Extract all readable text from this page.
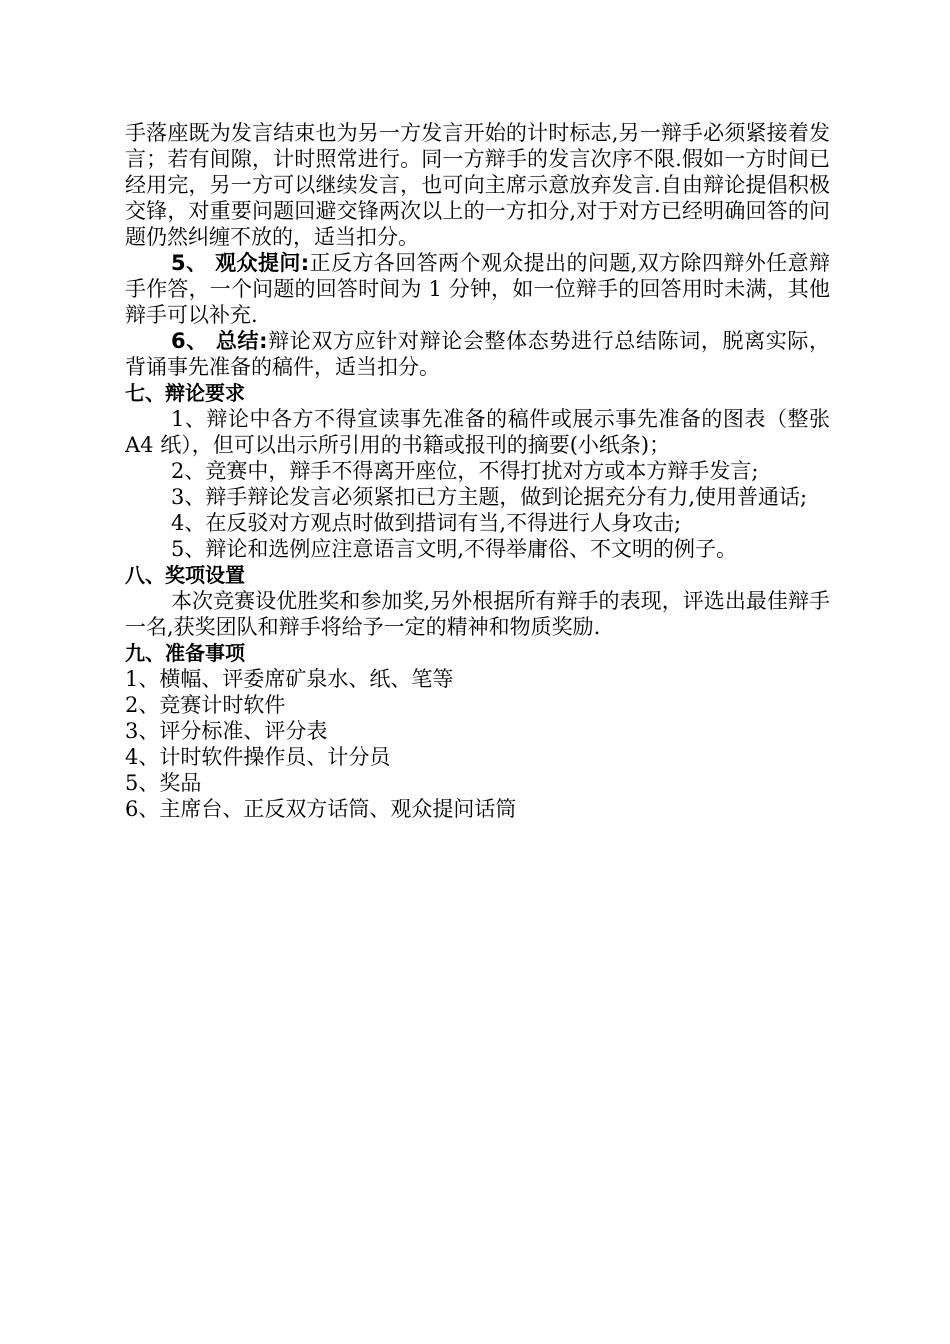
手落座既为发言结束也为另一方发言开始的计时标志,另一辩手必须紧接着发言；若有间隙，计时照常进行。同一方辩手的发言次序不限.假如一方时间已经用完，另一方可以继续发言，也可向主席示意放弃发言.自由辩论提倡积极交锋，对重要问题回避交锋两次以上的一方扣分,对于对方已经明确回答的问题仍然纠缠不放的，适当扣分。

5、 观众提问:正反方各回答两个观众提出的问题,双方除四辩外任意辩手作答，一个问题的回答时间为 1 分钟，如一位辩手的回答用时未满，其他辩手可以补充.

6、 总结:辩论双方应针对辩论会整体态势进行总结陈词，脱离实际，背诵事先准备的稿件，适当扣分。

七、辩论要求

1、辩论中各方不得宣读事先准备的稿件或展示事先准备的图表（整张 A4 纸），但可以出示所引用的书籍或报刊的摘要(小纸条)；

2、竞赛中，辩手不得离开座位，不得打扰对方或本方辩手发言;

3、辩手辩论发言必须紧扣已方主题，做到论据充分有力,使用普通话;

4、在反驳对方观点时做到措词有当,不得进行人身攻击;

5、辩论和选例应注意语言文明,不得举庸俗、不文明的例子。

八、奖项设置

本次竞赛设优胜奖和参加奖,另外根据所有辩手的表现，评选出最佳辩手一名,获奖团队和辩手将给予一定的精神和物质奖励.

九、准备事项

1、横幅、评委席矿泉水、纸、笔等

2、竞赛计时软件

3、评分标准、评分表

4、计时软件操作员、计分员

5、奖品

6、主席台、正反双方话筒、观众提问话筒
